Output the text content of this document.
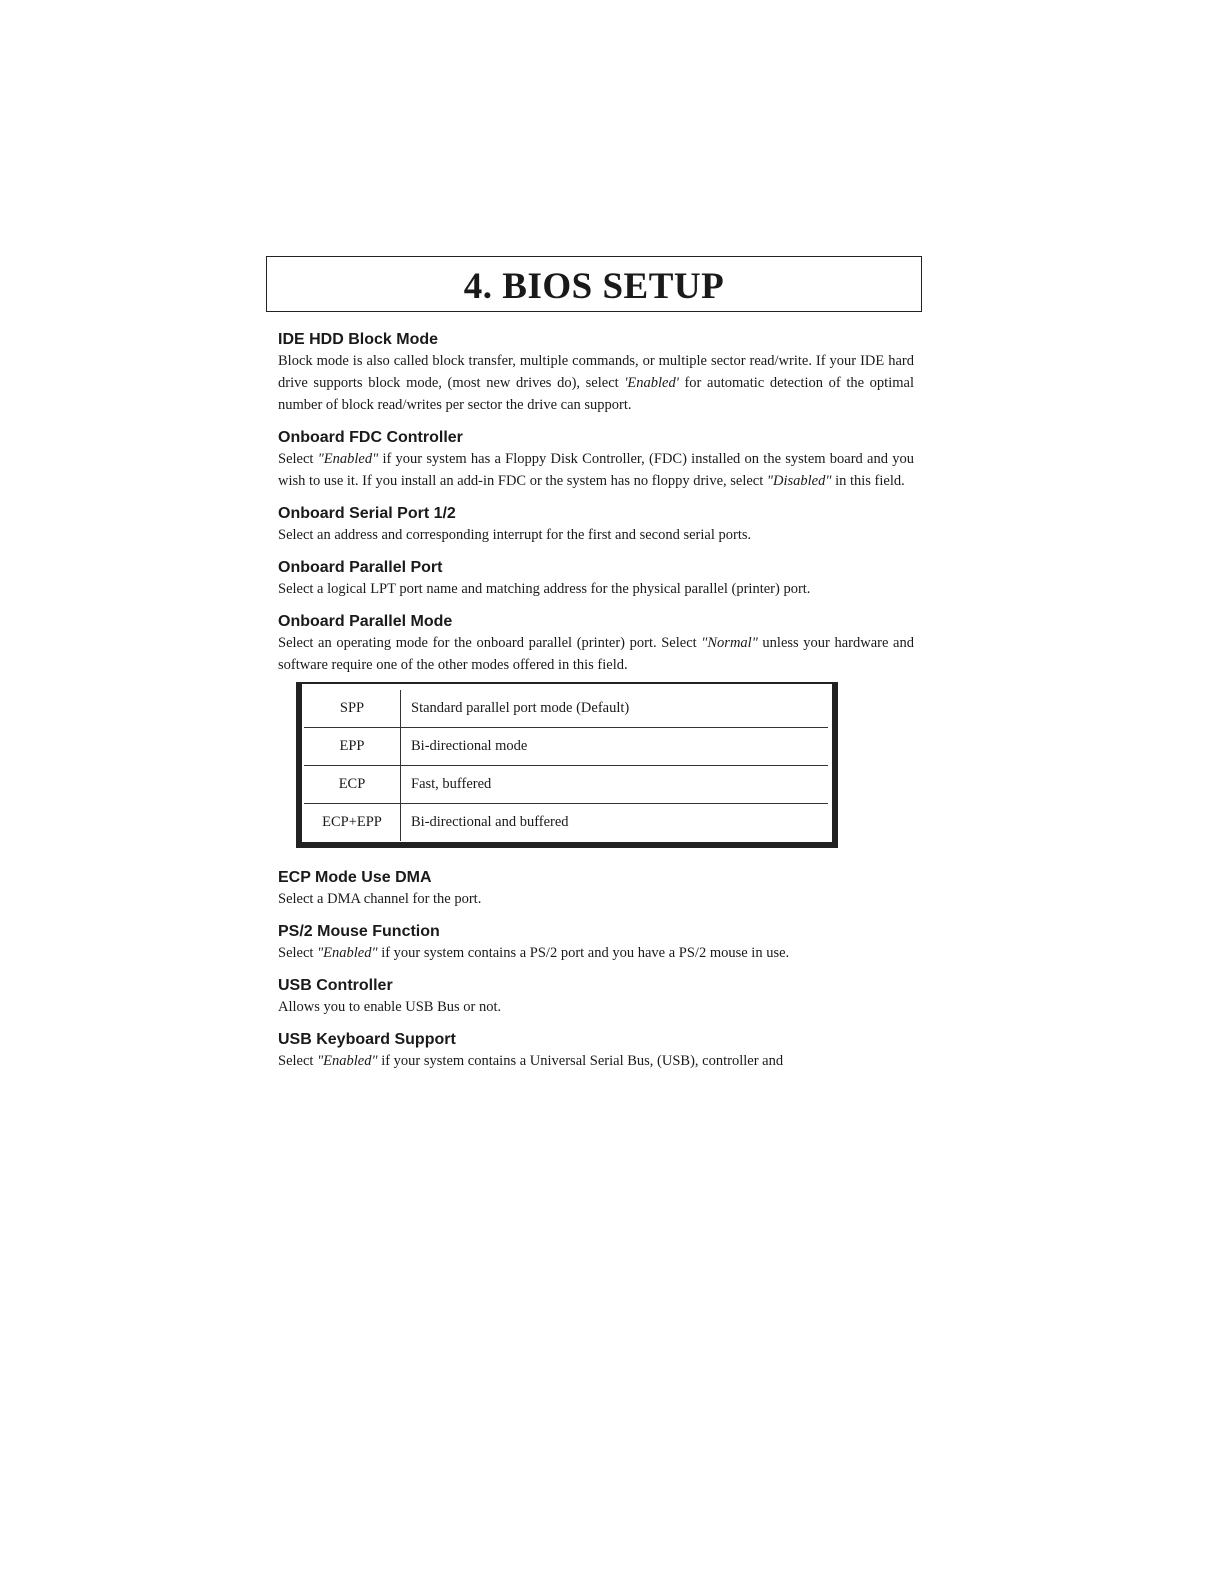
4. BIOS SETUP

IDE HDD Block Mode

Block mode is also called block transfer, multiple commands, or multiple sector read/write. If your IDE hard drive supports block mode, (most new drives do), select 'Enabled' for automatic detection of the optimal number of block read/writes per sector the drive can support.

Onboard FDC Controller

Select "Enabled" if your system has a Floppy Disk Controller, (FDC) installed on the system board and you wish to use it. If you install an add-in FDC or the system has no floppy drive, select "Disabled" in this field.

Onboard Serial Port 1/2

Select an address and corresponding interrupt for the first and second serial ports.

Onboard Parallel Port

Select a logical LPT port name and matching address for the physical parallel (printer) port.

Onboard Parallel Mode

Select an operating mode for the onboard parallel (printer) port. Select "Normal" unless your hardware and software require one of the other modes offered in this field.

SPP	Standard parallel port mode (Default)
EPP	Bi-directional mode
ECP	Fast, buffered
ECP+EPP	Bi-directional and buffered

ECP Mode Use DMA

Select a DMA channel for the port.

PS/2 Mouse Function

Select "Enabled" if your system contains a PS/2 port and you have a PS/2 mouse in use.

USB Controller

Allows you to enable USB Bus or not.

USB Keyboard Support

Select "Enabled" if your system contains a Universal Serial Bus, (USB), controller and
